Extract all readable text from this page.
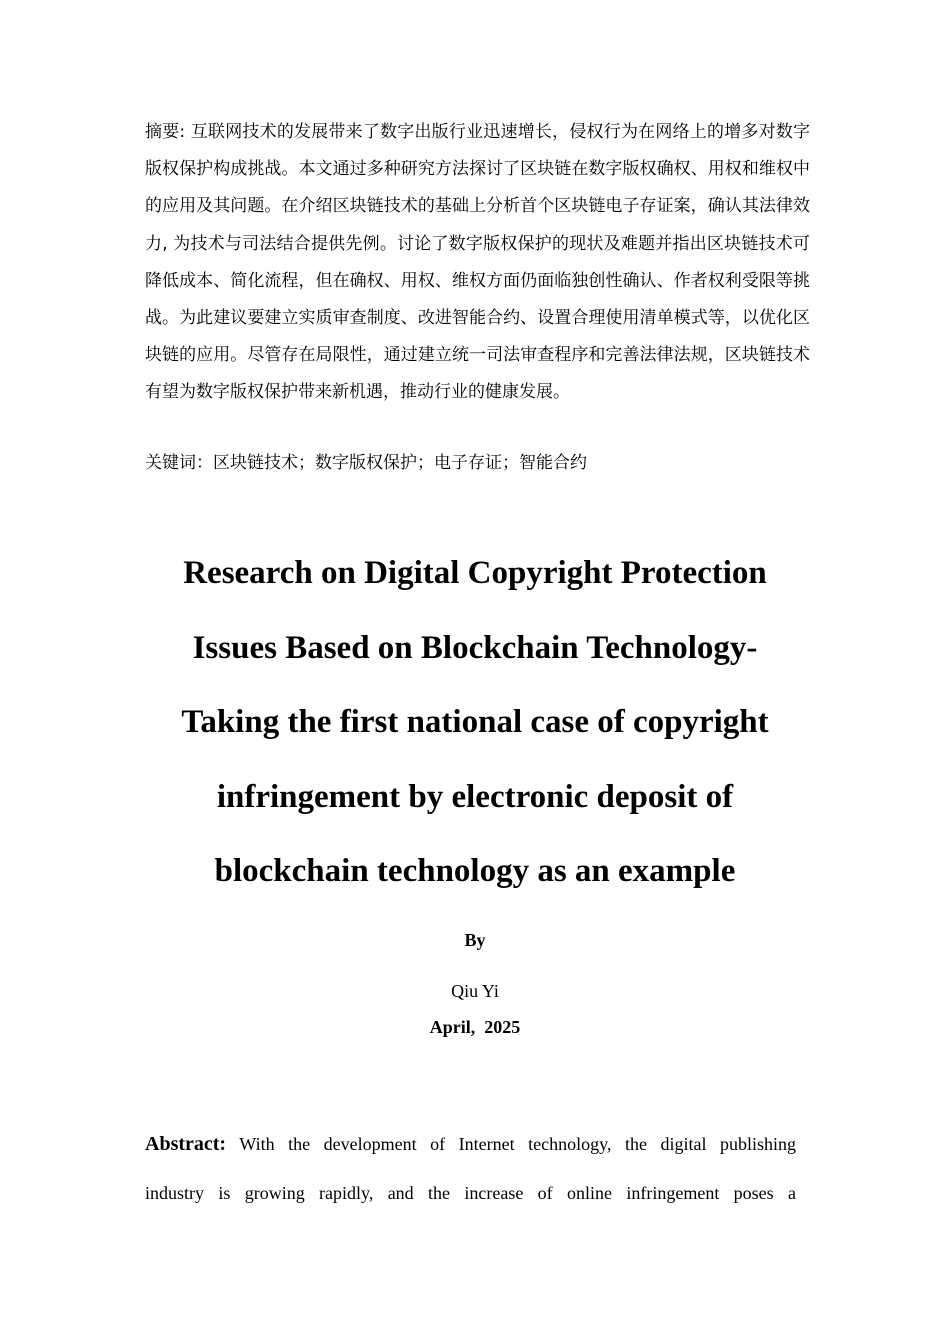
摘要: 互联网技术的发展带来了数字出版行业迅速增长，侵权行为在网络上的增多对数字版权保护构成挑战。本文通过多种研究方法探讨了区块链在数字版权确权、用权和维权中的应用及其问题。在介绍区块链技术的基础上分析首个区块链电子存证案，确认其法律效力, 为技术与司法结合提供先例。讨论了数字版权保护的现状及难题并指出区块链技术可降低成本、简化流程，但在确权、用权、维权方面仍面临独创性确认、作者权利受限等挑战。为此建议要建立实质审查制度、改进智能合约、设置合理使用清单模式等，以优化区块链的应用。尽管存在局限性，通过建立统一司法审查程序和完善法律法规，区块链技术有望为数字版权保护带来新机遇，推动行业的健康发展。
关键词：区块链技术；数字版权保护；电子存证；智能合约
Research on Digital Copyright Protection
Issues Based on Blockchain Technology-
Taking the first national case of copyright
infringement by electronic deposit of
blockchain technology as an example
By
Qiu Yi
April,  2025
Abstract: With the development of Internet technology, the digital publishing
industry is growing rapidly, and the increase of online infringement poses a
